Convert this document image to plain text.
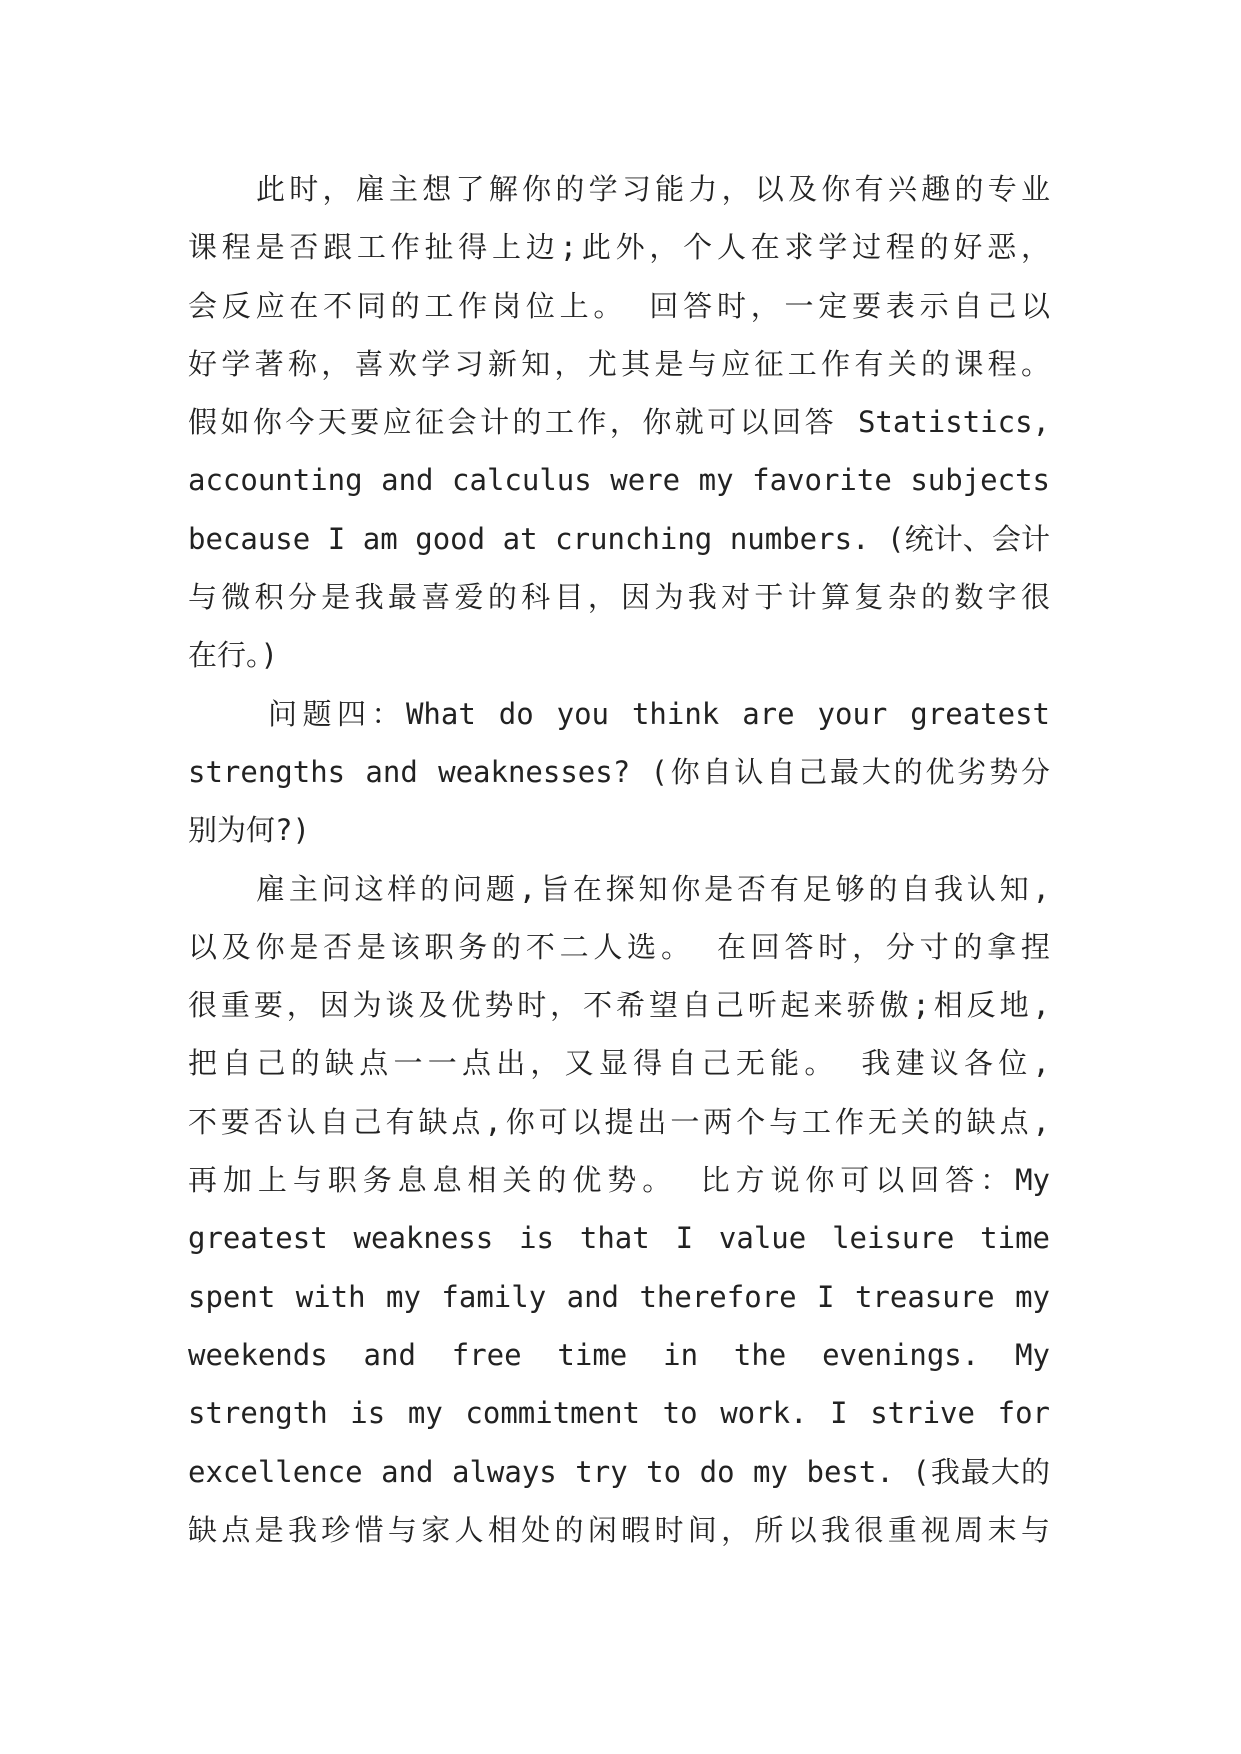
此时，雇主想了解你的学习能力，以及你有兴趣的专业
课程是否跟工作扯得上边;此外，个人在求学过程的好恶，
会反应在不同的工作岗位上。 回答时，一定要表示自己以
好学著称，喜欢学习新知，尤其是与应征工作有关的课程。
假如你今天要应征会计的工作，你就可以回答 Statistics,
accounting and calculus were my favorite subjects
because I am good at crunching numbers. (统计、会计
与微积分是我最喜爱的科目，因为我对于计算复杂的数字很
在行。)
问题四：What do you think are your greatest
strengths and weaknesses? (你自认自己最大的优劣势分
别为何?)
雇主问这样的问题,旨在探知你是否有足够的自我认知,
以及你是否是该职务的不二人选。 在回答时，分寸的拿捏
很重要，因为谈及优势时，不希望自己听起来骄傲;相反地,
把自己的缺点一一点出，又显得自己无能。 我建议各位,
不要否认自己有缺点,你可以提出一两个与工作无关的缺点,
再加上与职务息息相关的优势。 比方说你可以回答：My
greatest weakness is that I value leisure time
spent with my family and therefore I treasure my
weekends and free time in the evenings. My
strength is my commitment to work. I strive for
excellence and always try to do my best. (我最大的
缺点是我珍惜与家人相处的闲暇时间，所以我很重视周末与
